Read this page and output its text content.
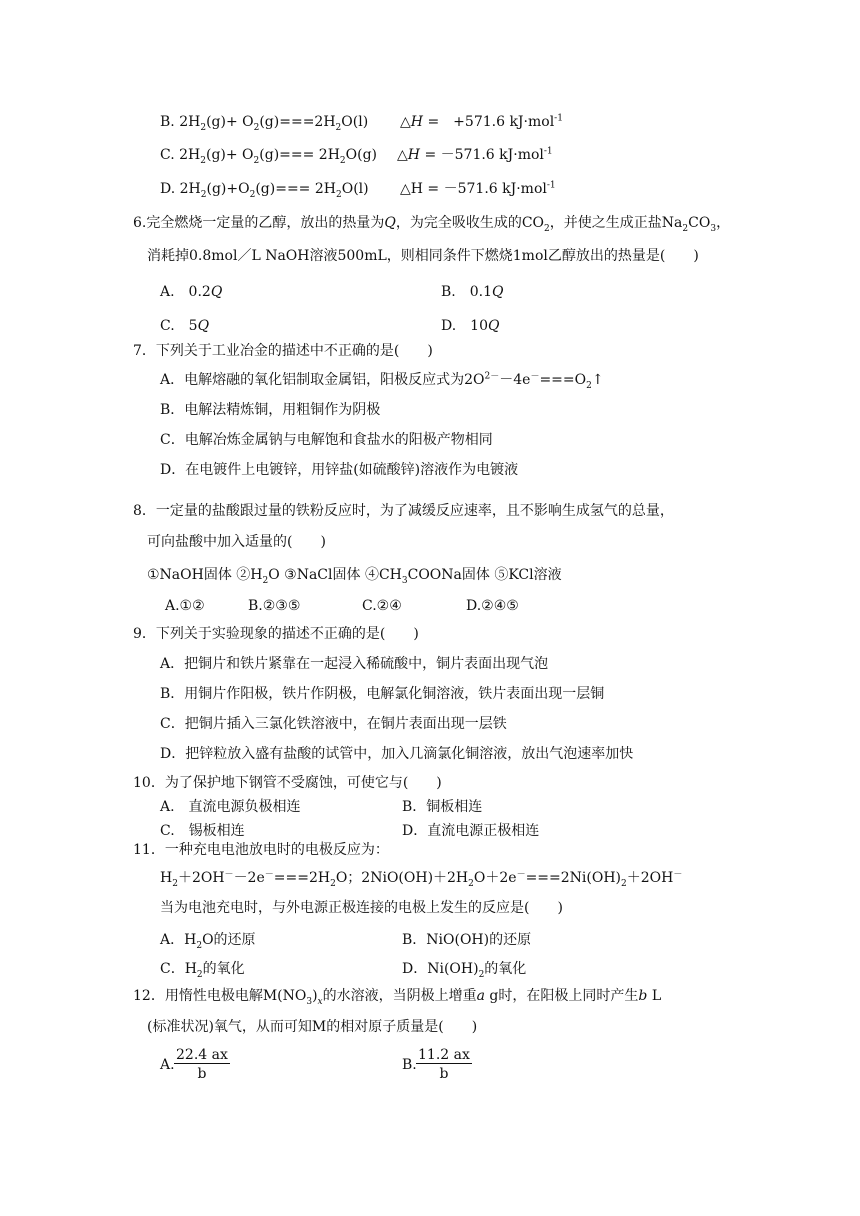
B. $2H_2(g)+ O_2(g)===2H_2O(l)$ △H =　+571.6 kJ·mol$^{-1}$
C. $2H_2(g)+ O_2(g)=== 2H_2O(g)$ △H = －571.6 kJ·mol$^{-1}$
D. $2H_2(g)+O_2(g)=== 2H_2O(l)$ △H = －571.6 kJ·mol$^{-1}$
6.完全燃烧一定量的乙醇，放出的热量为Q，为完全吸收生成的$CO_2$，并使之生成正盐$Na_2CO_3$，
消耗掉0.8mol／L NaOH溶液500mL，则相同条件下燃烧1mol乙醇放出的热量是(　　)
A.　0.2Q	B.　0.1Q
C.　5Q	D.　10Q
7．下列关于工业冶金的描述中不正确的是(　　)
A．电解熔融的氧化铝制取金属铝，阳极反应式为$2O^{2-}-4e^-===O_2↑$
B．电解法精炼铜，用粗铜作为阴极
C．电解冶炼金属钠与电解饱和食盐水的阳极产物相同
D．在电镀件上电镀锌，用锌盐(如硫酸锌)溶液作为电镀液
8．一定量的盐酸跟过量的铁粉反应时，为了减缓反应速率，且不影响生成氢气的总量，
可向盐酸中加入适量的(　　)
①NaOH固体 $②H_2O$ ③NaCl固体 $④CH_3COONa$固体 ⑤KCl溶液
A.①②	B.②③⑤	C.②④	D.②④⑤
9．下列关于实验现象的描述不正确的是(　　)
A．把铜片和铁片紧靠在一起浸入稀硫酸中，铜片表面出现气泡
B．用铜片作阳极，铁片作阴极，电解氯化铜溶液，铁片表面出现一层铜
C．把铜片插入三氯化铁溶液中，在铜片表面出现一层铁
D．把锌粒放入盛有盐酸的试管中，加入几滴氯化铜溶液，放出气泡速率加快
10．为了保护地下钢管不受腐蚀，可使它与(　　)
A.　直流电源负极相连	B．铜板相连
C.　锡板相连	D．直流电源正极相连
11．一种充电电池放电时的电极反应为：
$H_2+2OH^--2e^-===2H_2O$；$2NiO(OH)+2H_2O+2e^-===2Ni(OH)_2+2OH^-$
当为电池充电时，与外电源正极连接的电极上发生的反应是(　　)
A．$H_2O$的还原	B．NiO(OH)的还原
C．$H_2$的氧化	D．$Ni(OH)_2$的氧化
12．用惰性电极电解$M(NO_3)_x$的水溶液，当阴极上增重a g时，在阳极上同时产生b L
(标准状况)氧气，从而可知M的相对原子质量是(　　)
A. $\frac{22.4 ax}{b}$	B. $\frac{11.2 ax}{b}$
